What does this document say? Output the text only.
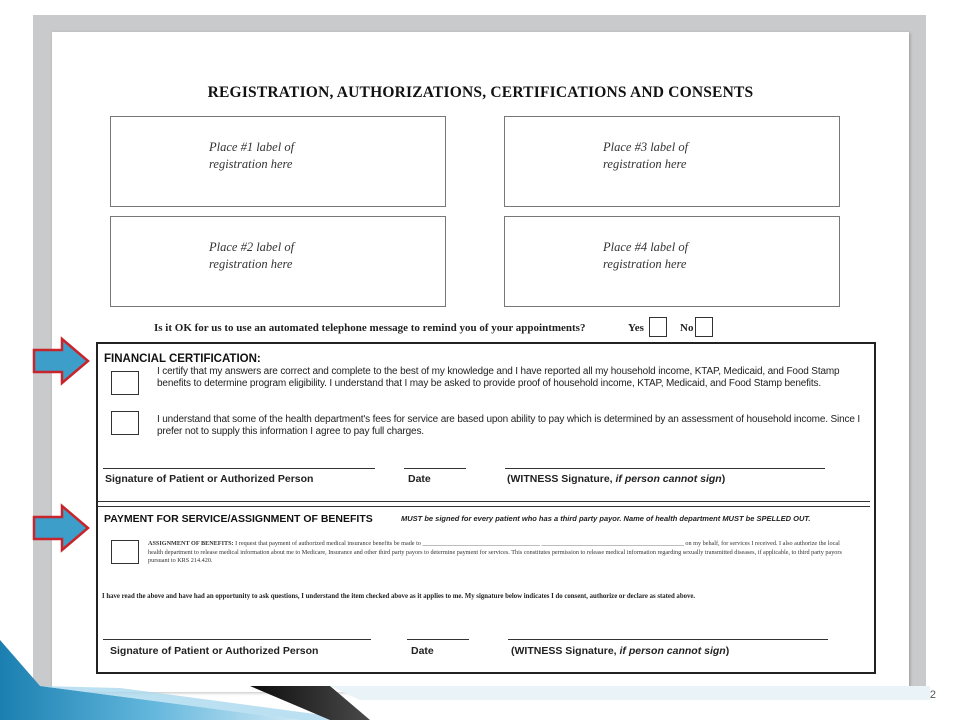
REGISTRATION, AUTHORIZATIONS, CERTIFICATIONS AND CONSENTS
Place #1 label of
registration here
Place #3 label of
registration here
Place #2 label of
registration here
Place #4 label of
registration here
Is it OK for us to use an automated telephone message to remind you of your appointments?	Yes	No
FINANCIAL CERTIFICATION:
I certify that my answers are correct and complete to the best of my knowledge and I have reported all my household income, KTAP, Medicaid, and Food Stamp benefits to determine program eligibility. I understand that I may be asked to provide proof of household income, KTAP, Medicaid, and Food Stamp benefits.
I understand that some of the health department's fees for service are based upon ability to pay which is determined by an assessment of household income. Since I prefer not to supply this information I agree to pay full charges.
Signature of Patient or Authorized Person	Date	(WITNESS Signature, if person cannot sign)
PAYMENT FOR SERVICE/ASSIGNMENT OF BENEFITS	MUST be signed for every patient who has a third party payor. Name of health department MUST be SPELLED OUT.
ASSIGNMENT OF BENEFITS: I request that payment of authorized medical insurance benefits be made to ______________________________________ ______________________________________________ on my behalf, for services I received. I also authorize the local health department to release medical information about me to Medicare, Insurance and other third party payors to determine payment for services. This constitutes permission to release medical information regarding sexually transmitted diseases, if applicable, to third party payors pursuant to KRS 214.420.
I have read the above and have had an opportunity to ask questions, I understand the item checked above as it applies to me. My signature below indicates I do consent, authorize or declare as stated above.
Signature of Patient or Authorized Person	Date	(WITNESS Signature, if person cannot sign)
2
